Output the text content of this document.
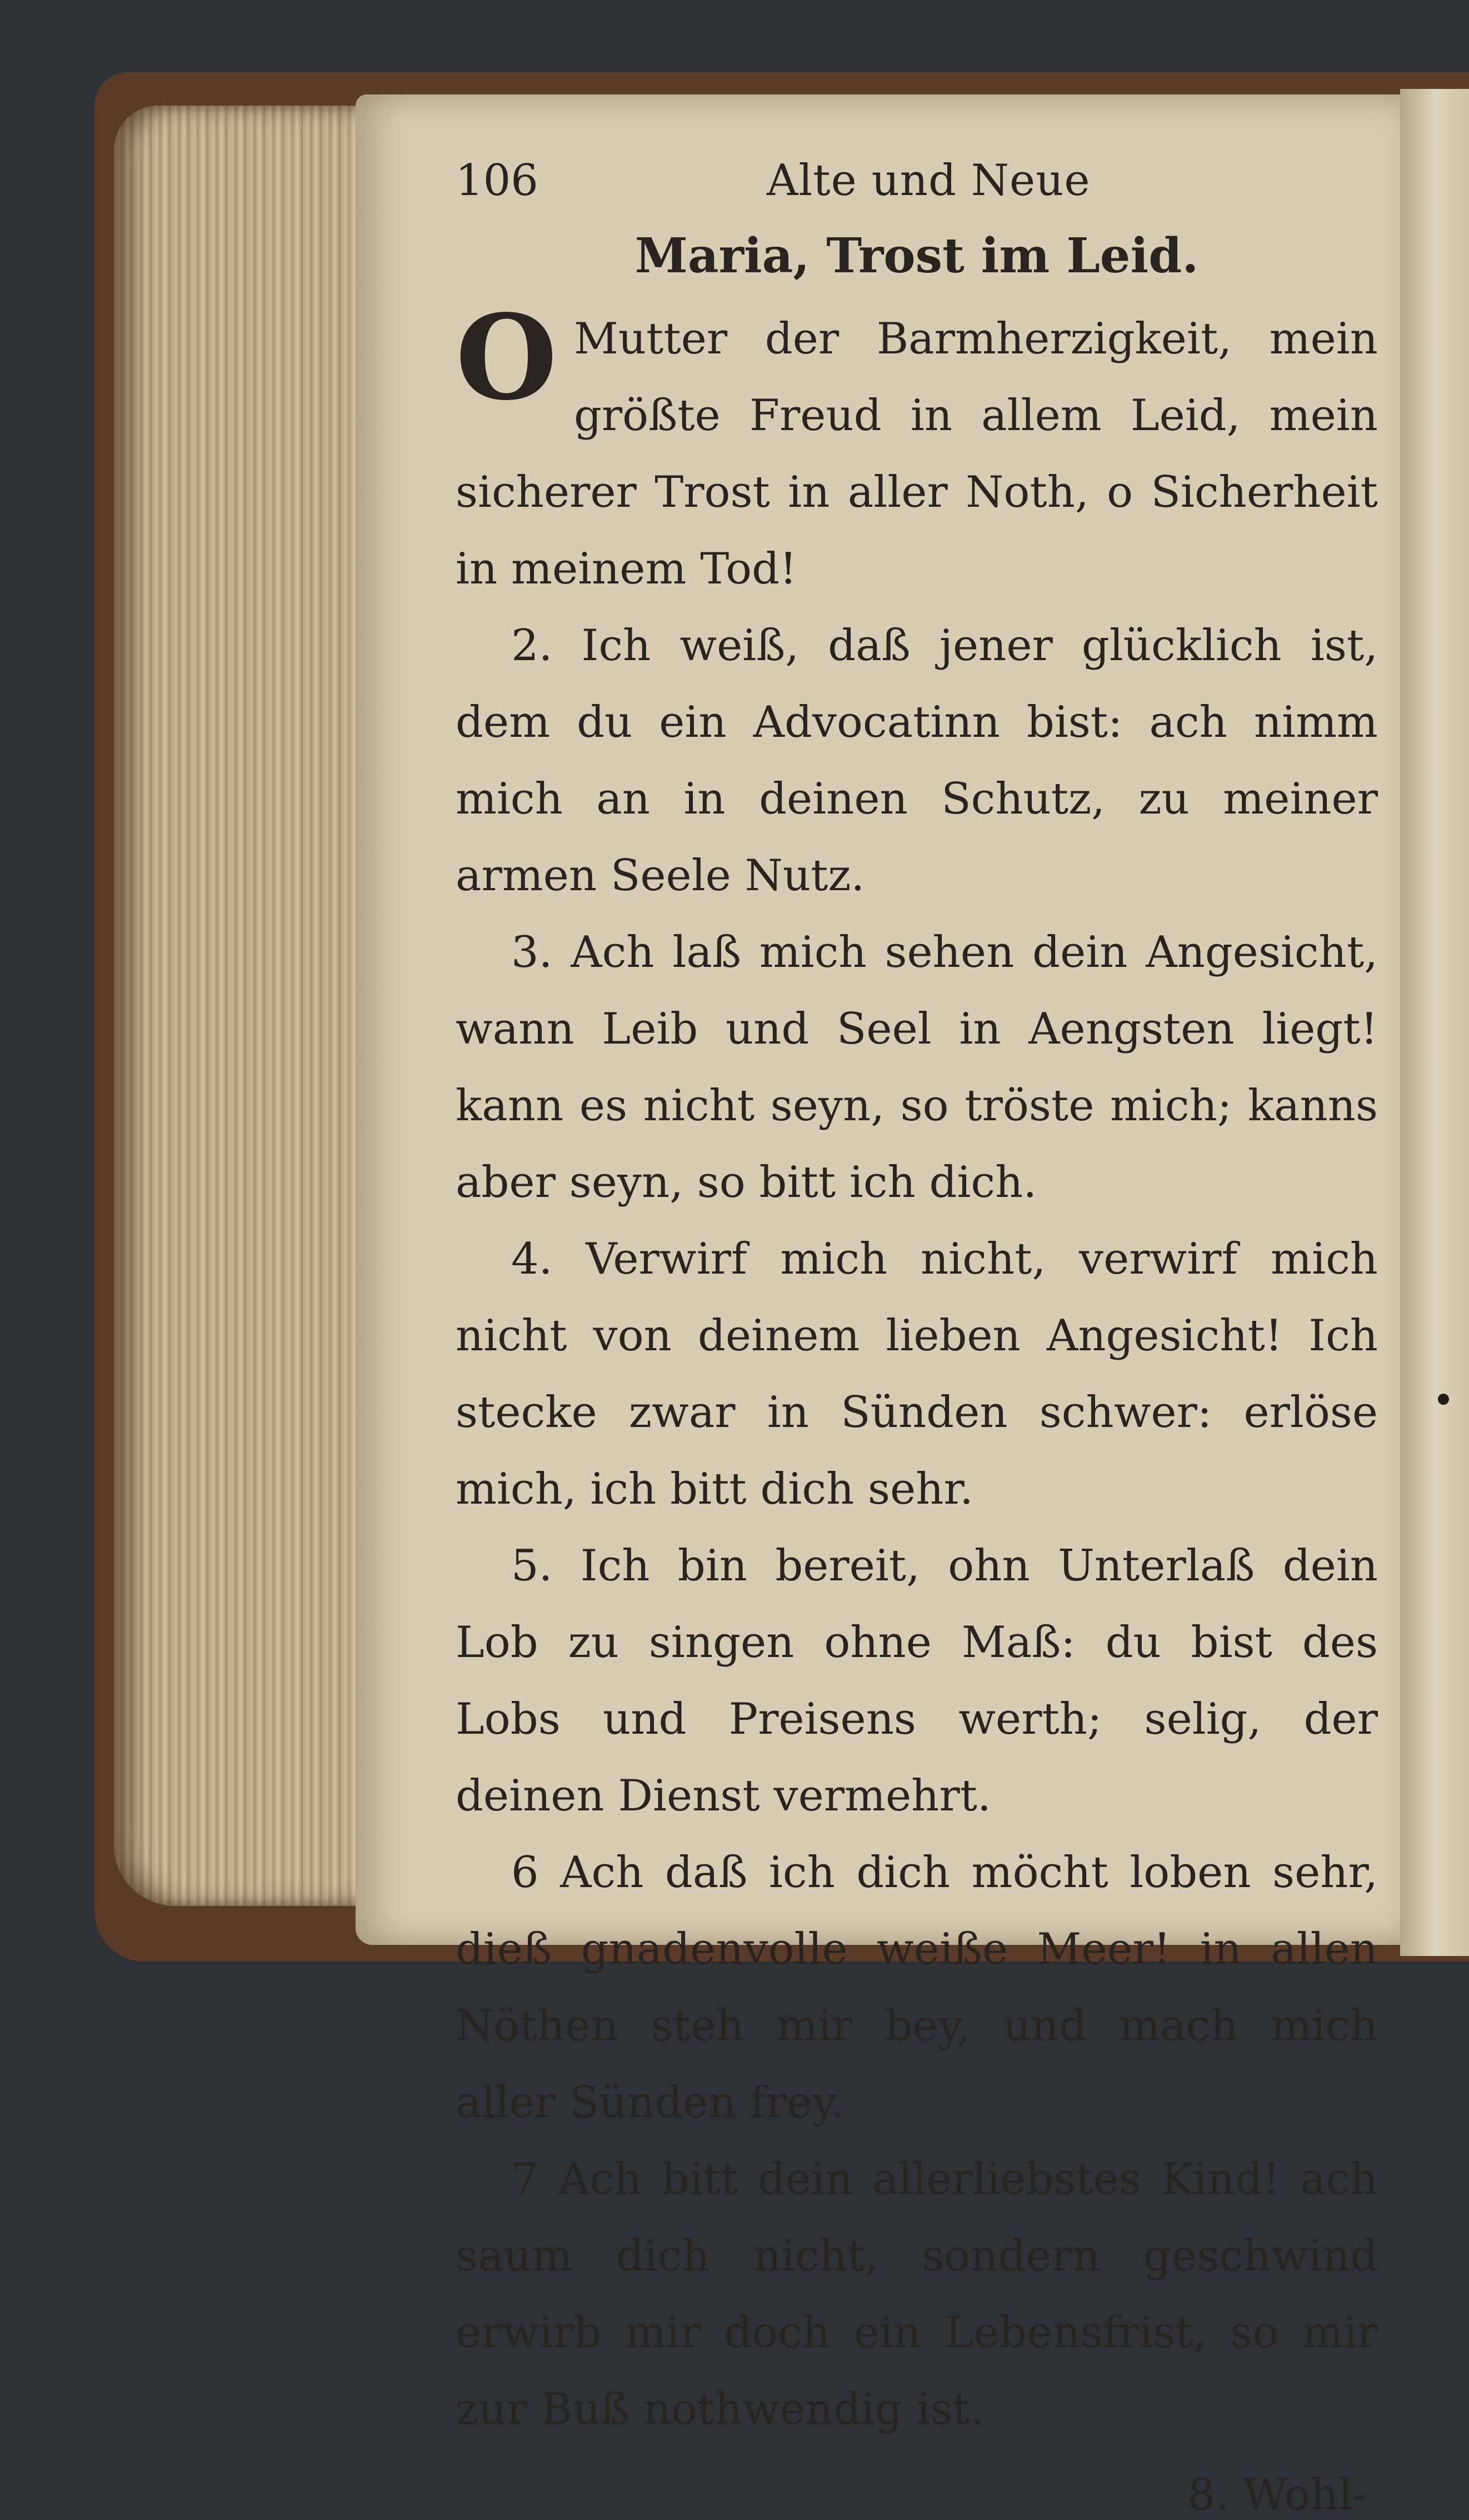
106	Alte und Neue
Maria, Trost im Leid.

O Mutter der Barmherzigkeit, mein größte Freud in allem Leid, mein sicherer Trost in aller Noth, o Sicherheit in meinem Tod!

2. Ich weiß, daß jener glücklich ist, dem du ein Advocatinn bist: ach nimm mich an in deinen Schutz, zu meiner armen Seele Nutz.

3. Ach laß mich sehen dein Angesicht, wann Leib und Seel in Aengsten liegt! kann es nicht seyn, so tröste mich; kanns aber seyn, so bitt ich dich.

4. Verwirf mich nicht, verwirf mich nicht von deinem lieben Angesicht! Ich stecke zwar in Sünden schwer: erlöse mich, ich bitt dich sehr.

5. Ich bin bereit, ohn Unterlaß dein Lob zu singen ohne Maß: du bist des Lobs und Preisens werth; selig, der deinen Dienst vermehrt.

6 Ach daß ich dich möcht loben sehr, dieß gnadenvolle weiße Meer! in allen Nöthen steh mir bey, und mach mich aller Sünden frey.

7 Ach bitt dein allerliebstes Kind! ach saum dich nicht, sondern geschwind erwirb mir doch ein Lebensfrist, so mir zur Buß nothwendig ist.

8. Wohl-
